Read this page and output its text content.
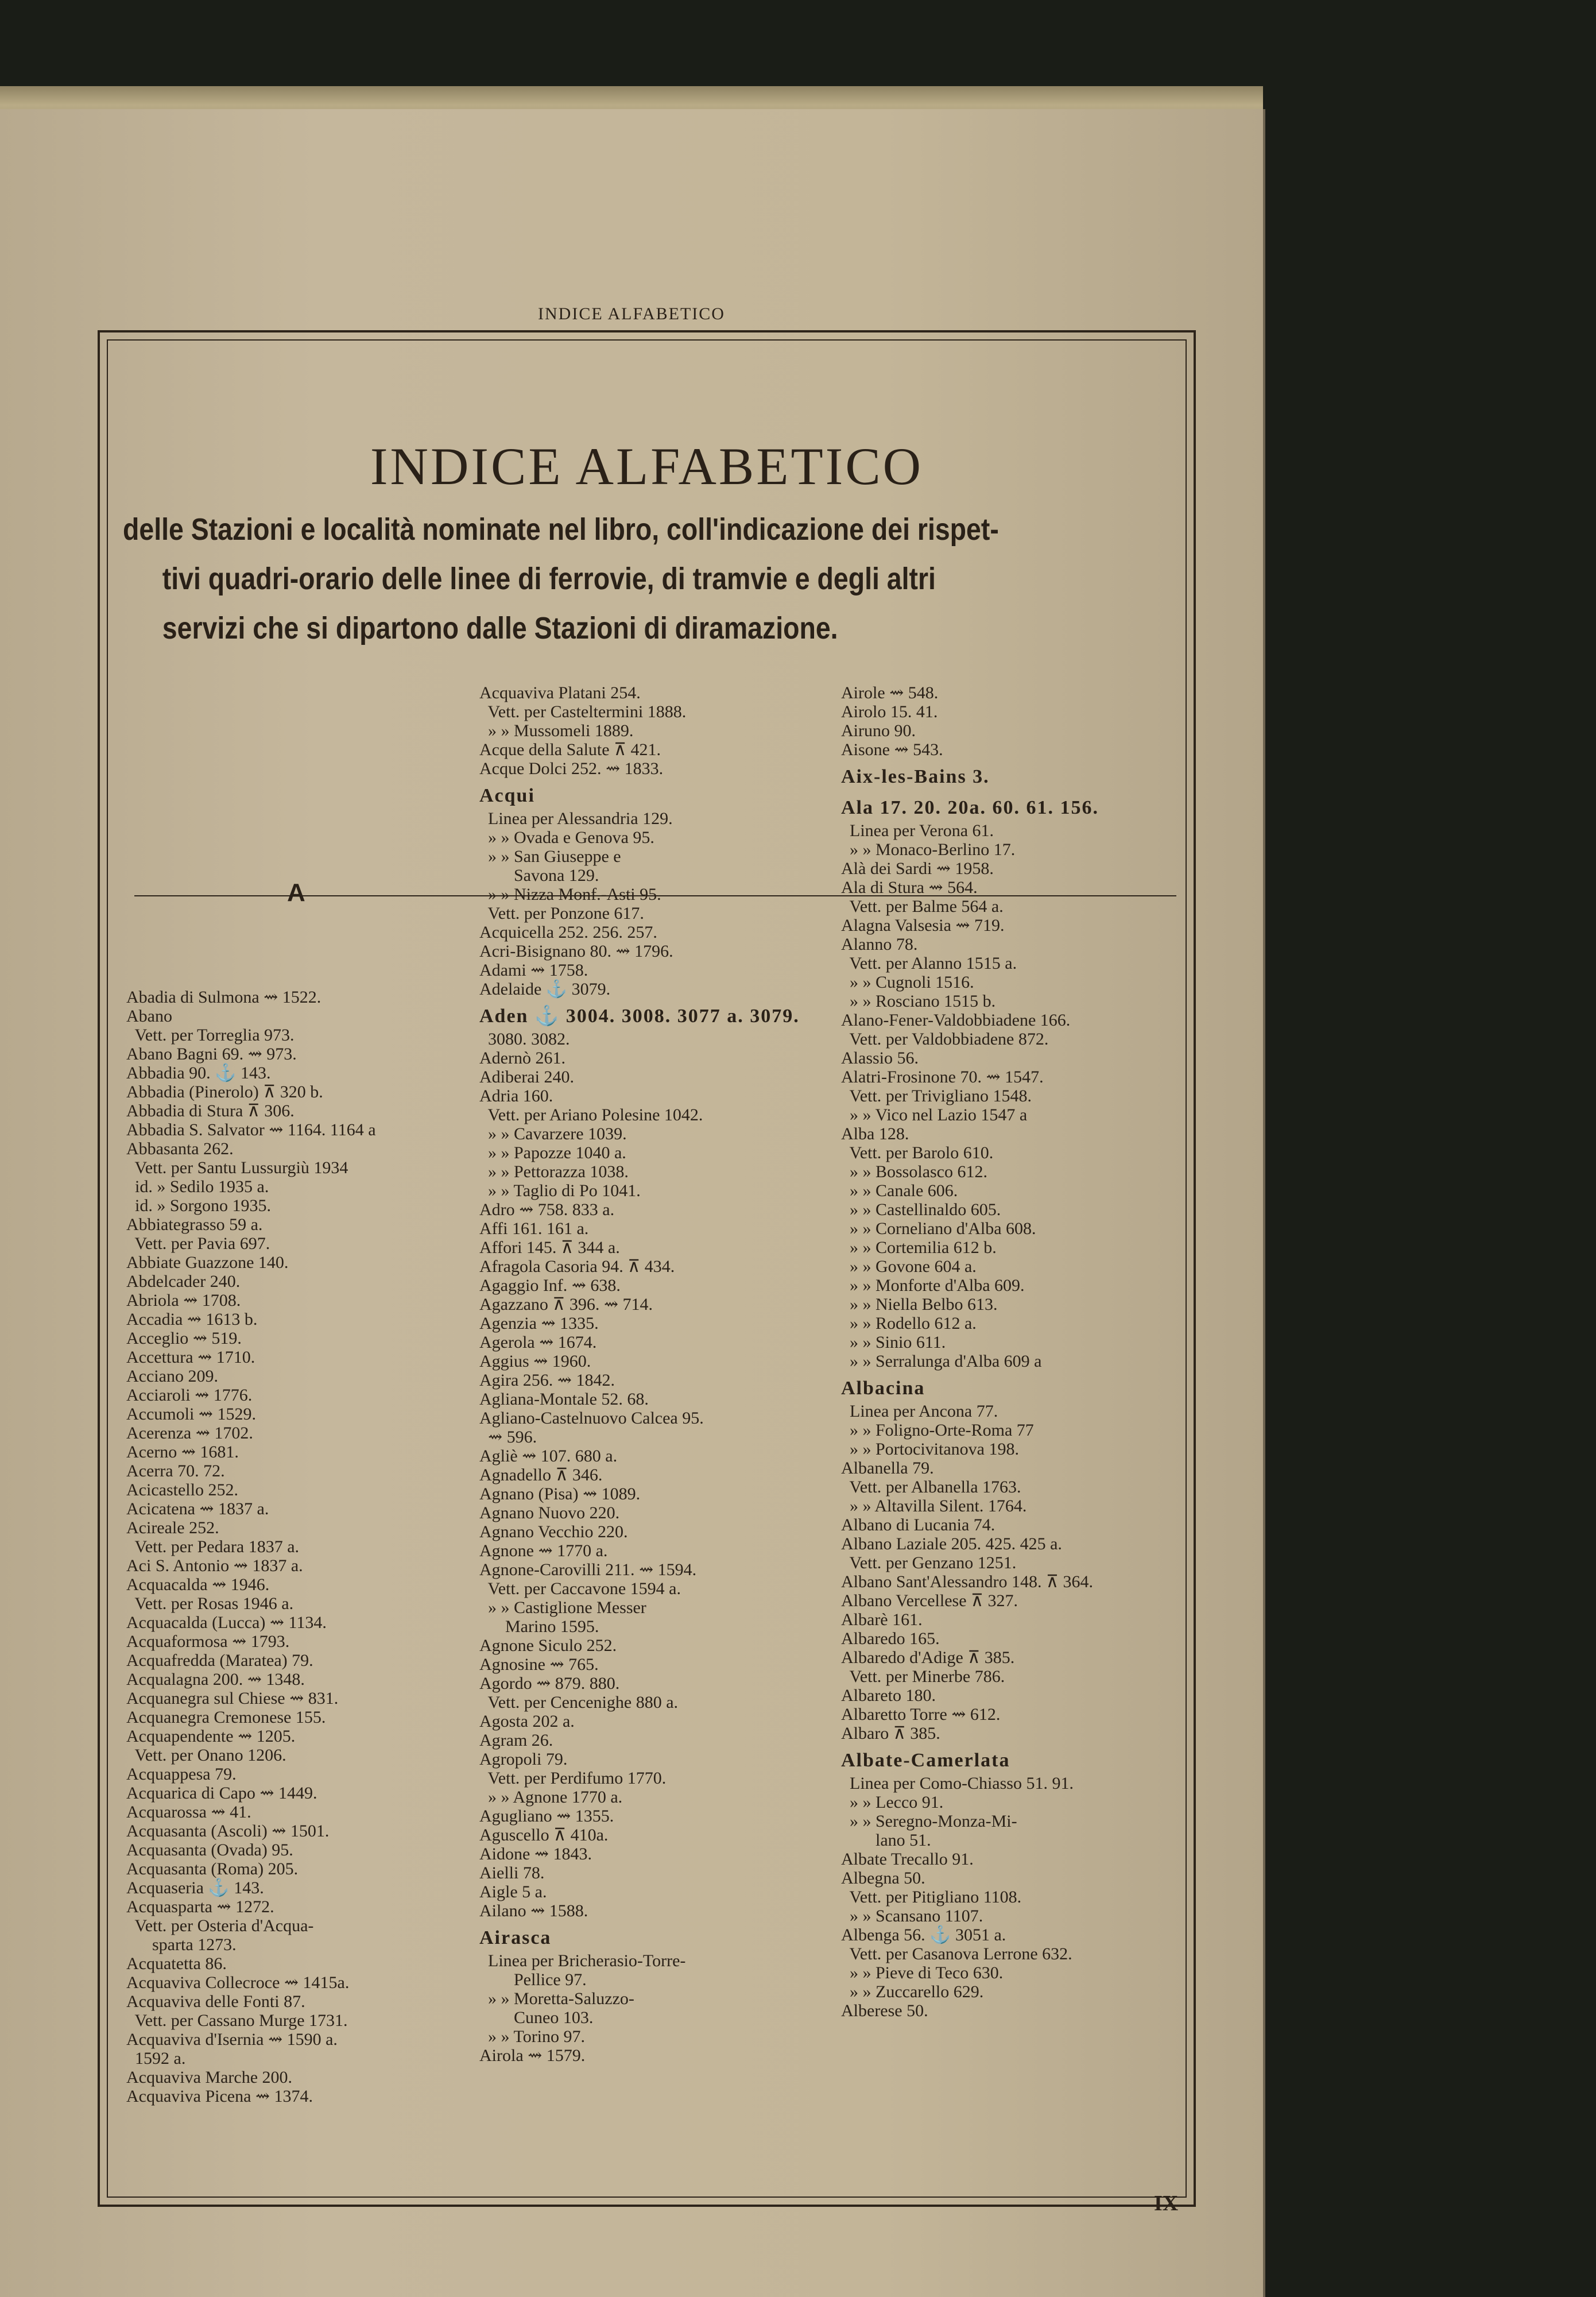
INDICE ALFABETICO
INDICE ALFABETICO
delle Stazioni e località nominate nel libro, coll'indicazione dei rispet-
tivi quadri-orario delle linee di ferrovie, di tramvie e degli altri
servizi che si dipartono dalle Stazioni di diramazione.
A
Abadia di Sulmona ⇝ 1522.
Abano
Vett. per Torreglia 973.
Abano Bagni 69. ⇝ 973.
Abbadia 90. ⚓ 143.
Abbadia (Pinerolo) ⊼ 320 b.
Abbadia di Stura ⊼ 306.
Abbadia S. Salvator ⇝ 1164. 1164 a
Abbasanta 262.
Vett. per Santu Lussurgiù 1934
id. » Sedilo 1935 a.
id. » Sorgono 1935.
Abbiategrasso 59 a.
Vett. per Pavia 697.
Abbiate Guazzone 140.
Abdelcader 240.
Abriola ⇝ 1708.
Accadia ⇝ 1613 b.
Acceglio ⇝ 519.
Accettura ⇝ 1710.
Acciano 209.
Acciaroli ⇝ 1776.
Accumoli ⇝ 1529.
Acerenza ⇝ 1702.
Acerno ⇝ 1681.
Acerra 70. 72.
Acicastello 252.
Acicatena ⇝ 1837 a.
Acireale 252.
Vett. per Pedara 1837 a.
Aci S. Antonio ⇝ 1837 a.
Acquacalda ⇝ 1946.
Vett. per Rosas 1946 a.
Acquacalda (Lucca) ⇝ 1134.
Acquaformosa ⇝ 1793.
Acquafredda (Maratea) 79.
Acqualagna 200. ⇝ 1348.
Acquanegra sul Chiese ⇝ 831.
Acquanegra Cremonese 155.
Acquapendente ⇝ 1205.
Vett. per Onano 1206.
Acquappesa 79.
Acquarica di Capo ⇝ 1449.
Acquarossa ⇝ 41.
Acquasanta (Ascoli) ⇝ 1501.
Acquasanta (Ovada) 95.
Acquasanta (Roma) 205.
Acquaseria ⚓ 143.
Acquasparta ⇝ 1272.
Vett. per Osteria d'Acqua-
sparta 1273.
Acquatetta 86.
Acquaviva Collecroce ⇝ 1415a.
Acquaviva delle Fonti 87.
Vett. per Cassano Murge 1731.
Acquaviva d'Isernia ⇝ 1590 a.
1592 a.
Acquaviva Marche 200.
Acquaviva Picena ⇝ 1374.
Acquaviva Platani 254.
Vett. per Casteltermini 1888.
» » Mussomeli 1889.
Acque della Salute ⊼ 421.
Acque Dolci 252. ⇝ 1833.
Acqui
Linea per Alessandria 129.
» » Ovada e Genova 95.
» » San Giuseppe e
Savona 129.
» » Nizza Monf.-Asti 95.
Vett. per Ponzone 617.
Acquicella 252. 256. 257.
Acri-Bisignano 80. ⇝ 1796.
Adami ⇝ 1758.
Adelaide ⚓ 3079.
Aden ⚓ 3004. 3008. 3077 a. 3079.
3080. 3082.
Adernò 261.
Adiberai 240.
Adria 160.
Vett. per Ariano Polesine 1042.
» » Cavarzere 1039.
» » Papozze 1040 a.
» » Pettorazza 1038.
» » Taglio di Po 1041.
Adro ⇝ 758. 833 a.
Affi 161. 161 a.
Affori 145. ⊼ 344 a.
Afragola Casoria 94. ⊼ 434.
Agaggio Inf. ⇝ 638.
Agazzano ⊼ 396. ⇝ 714.
Agenzia ⇝ 1335.
Agerola ⇝ 1674.
Aggius ⇝ 1960.
Agira 256. ⇝ 1842.
Agliana-Montale 52. 68.
Agliano-Castelnuovo Calcea 95.
⇝ 596.
Agliè ⇝ 107. 680 a.
Agnadello ⊼ 346.
Agnano (Pisa) ⇝ 1089.
Agnano Nuovo 220.
Agnano Vecchio 220.
Agnone ⇝ 1770 a.
Agnone-Carovilli 211. ⇝ 1594.
Vett. per Caccavone 1594 a.
» » Castiglione Messer
Marino 1595.
Agnone Siculo 252.
Agnosine ⇝ 765.
Agordo ⇝ 879. 880.
Vett. per Cencenighe 880 a.
Agosta 202 a.
Agram 26.
Agropoli 79.
Vett. per Perdifumo 1770.
» » Agnone 1770 a.
Agugliano ⇝ 1355.
Aguscello ⊼ 410a.
Aidone ⇝ 1843.
Aielli 78.
Aigle 5 a.
Ailano ⇝ 1588.
Airasca
Linea per Bricherasio-Torre-
Pellice 97.
» » Moretta-Saluzzo-
Cuneo 103.
» » Torino 97.
Airola ⇝ 1579.
Airole ⇝ 548.
Airolo 15. 41.
Airuno 90.
Aisone ⇝ 543.
Aix-les-Bains 3.
Ala 17. 20. 20a. 60. 61. 156.
Linea per Verona 61.
» » Monaco-Berlino 17.
Alà dei Sardi ⇝ 1958.
Ala di Stura ⇝ 564.
Vett. per Balme 564 a.
Alagna Valsesia ⇝ 719.
Alanno 78.
Vett. per Alanno 1515 a.
» » Cugnoli 1516.
» » Rosciano 1515 b.
Alano-Fener-Valdobbiadene 166.
Vett. per Valdobbiadene 872.
Alassio 56.
Alatri-Frosinone 70. ⇝ 1547.
Vett. per Trivigliano 1548.
» » Vico nel Lazio 1547 a
Alba 128.
Vett. per Barolo 610.
» » Bossolasco 612.
» » Canale 606.
» » Castellinaldo 605.
» » Corneliano d'Alba 608.
» » Cortemilia 612 b.
» » Govone 604 a.
» » Monforte d'Alba 609.
» » Niella Belbo 613.
» » Rodello 612 a.
» » Sinio 611.
» » Serralunga d'Alba 609 a
Albacina
Linea per Ancona 77.
» » Foligno-Orte-Roma 77
» » Portocivitanova 198.
Albanella 79.
Vett. per Albanella 1763.
» » Altavilla Silent. 1764.
Albano di Lucania 74.
Albano Laziale 205. 425. 425 a.
Vett. per Genzano 1251.
Albano Sant'Alessandro 148. ⊼ 364.
Albano Vercellese ⊼ 327.
Albarè 161.
Albaredo 165.
Albaredo d'Adige ⊼ 385.
Vett. per Minerbe 786.
Albareto 180.
Albaretto Torre ⇝ 612.
Albaro ⊼ 385.
Albate-Camerlata
Linea per Como-Chiasso 51. 91.
» » Lecco 91.
» » Seregno-Monza-Mi-
lano 51.
Albate Trecallo 91.
Albegna 50.
Vett. per Pitigliano 1108.
» » Scansano 1107.
Albenga 56. ⚓ 3051 a.
Vett. per Casanova Lerrone 632.
» » Pieve di Teco 630.
» » Zuccarello 629.
Alberese 50.
IX
